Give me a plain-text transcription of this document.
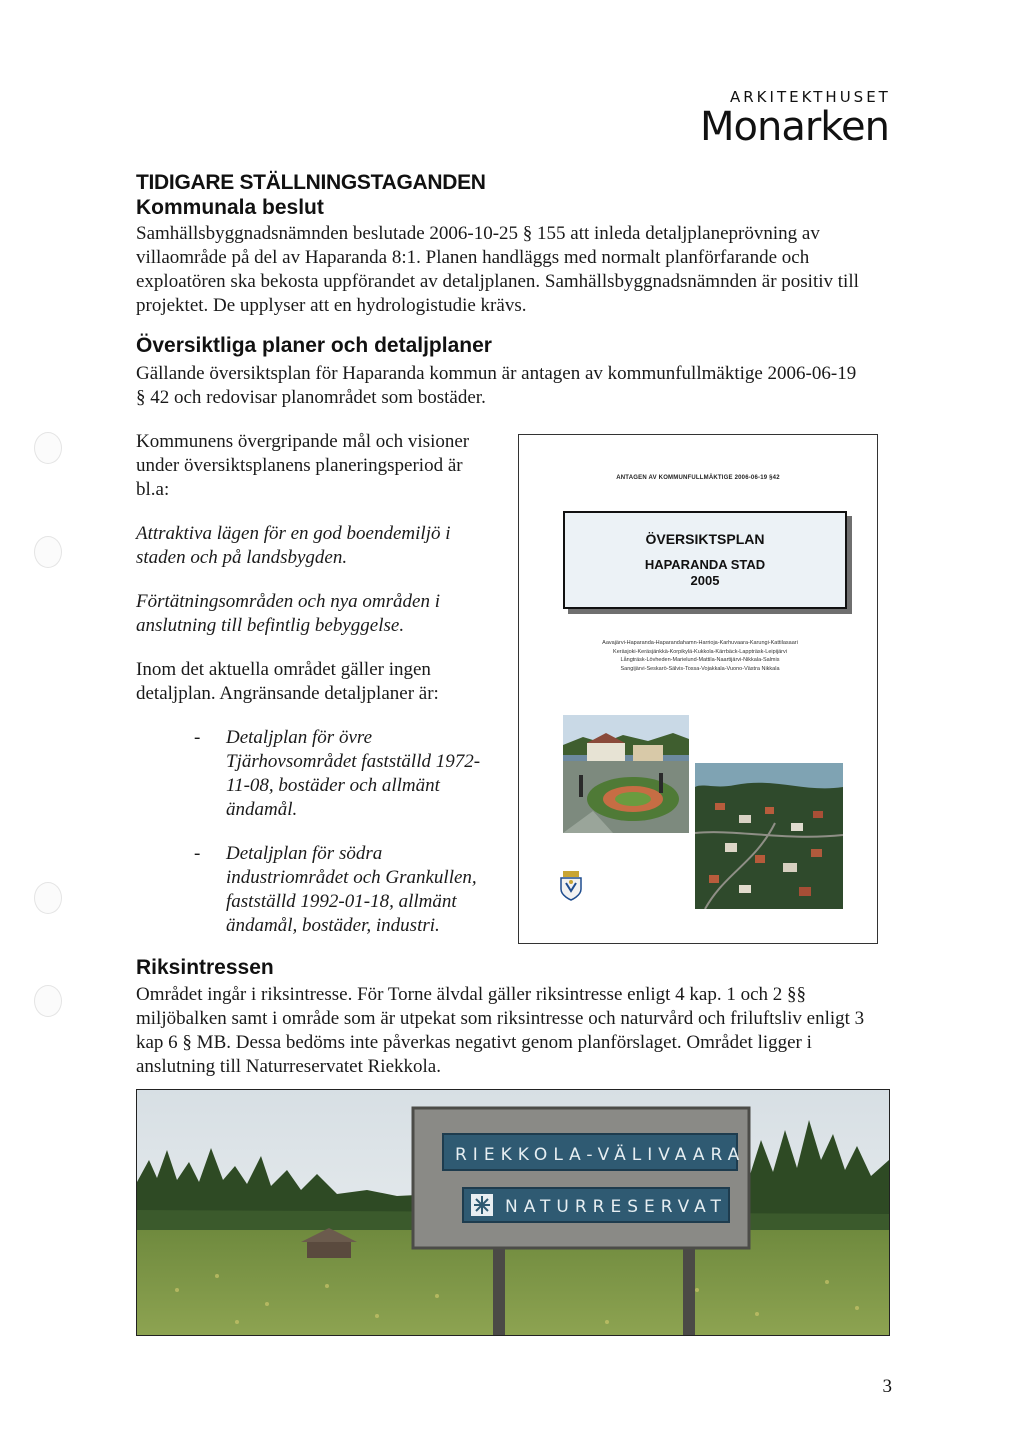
ARKITEKTHUSET
Monarken
TIDIGARE STÄLLNINGSTAGANDEN
Kommunala beslut
Samhällsbyggnadsnämnden beslutade 2006-10-25 § 155 att inleda detaljplaneprövning av
villaområde på del av Haparanda 8:1. Planen handläggs med normalt planförfarande och
exploatören ska bekosta uppförandet av detaljplanen. Samhällsbyggnadsnämnden är positiv till
projektet. De upplyser att en hydrologistudie krävs.
Översiktliga planer och detaljplaner
Gällande översiktsplan för Haparanda kommun är antagen av kommunfullmäktige 2006-06-19
§ 42 och redovisar planområdet som bostäder.
Kommunens övergripande mål och visioner
under översiktsplanens planeringsperiod är
bl.a:
Attraktiva lägen för en god boendemiljö i
staden och på landsbygden.
Förtätningsområden och nya områden i
anslutning till befintlig bebyggelse.
Inom det aktuella området gäller ingen
detaljplan. Angränsande detaljplaner är:
- Detaljplan för övre
Tjärhovsområdet fastställd 1972-
11-08, bostäder och allmänt
ändamål.
- Detaljplan för södra
industriområdet och Grankullen,
fastställd 1992-01-18, allmänt
ändamål, bostäder, industri.
ANTAGEN AV KOMMUNFULLMÄKTIGE 2006-06-19 §42
ÖVERSIKTSPLAN
HAPARANDA STAD
2005
Aavajärvi-Haparanda-Haparandahamn-Harrioja-Karhuvaara-Karungi-Kattilasaari
Keräsjoki-Keräsjänkkä-Korpikylä-Kukkola-Kärrbäck-Lappträsk-Leipijärvi
Långträsk-Lövheden-Marielund-Mattila-Naartijärvi-Nikkala-Salmis
Sangijärvi-Seskarö-Sälvis-Tossa-Vojakkala-Vuono-Västra Nikkala
Riksintressen
Området ingår i riksintresse. För Torne älvdal gäller riksintresse enligt 4 kap. 1 och 2 §§
miljöbalken samt i område som är utpekat som riksintresse och naturvård och friluftsliv enligt 3
kap 6 § MB. Dessa bedöms inte påverkas negativt genom planförslaget. Området ligger i
anslutning till Naturreservatet Riekkola.
RIEKKOLA-VÄLIVAARA
NATURRESERVAT
3
